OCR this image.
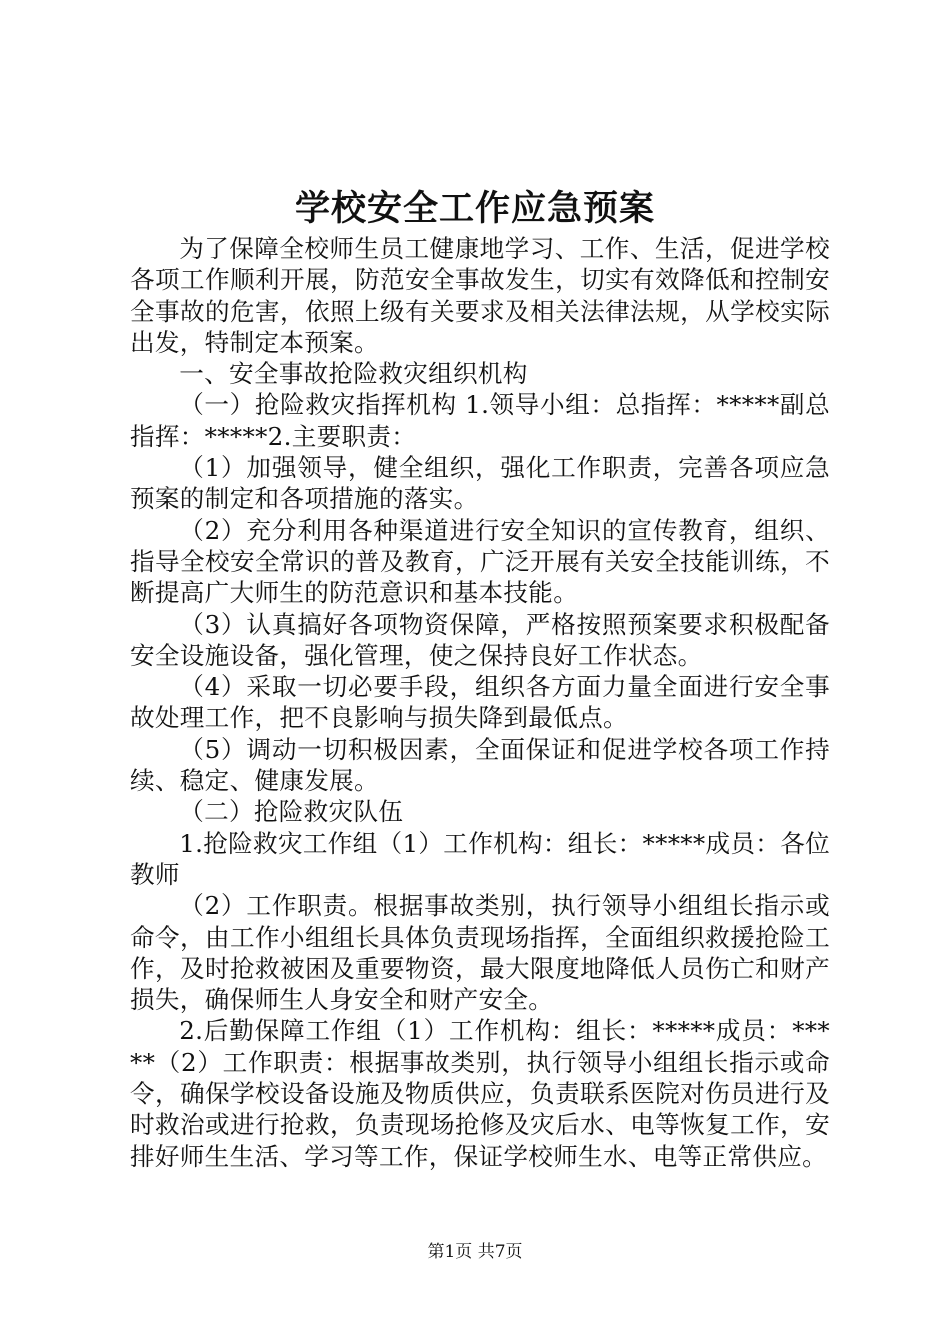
学校安全工作应急预案

为了保障全校师生员工健康地学习、工作、生活，促进学校各项工作顺利开展，防范安全事故发生，切实有效降低和控制安全事故的危害，依照上级有关要求及相关法律法规，从学校实际出发，特制定本预案。

一、安全事故抢险救灾组织机构

（一）抢险救灾指挥机构 1.领导小组：总指挥：*****副总指挥：*****2.主要职责：

（1）加强领导，健全组织，强化工作职责，完善各项应急预案的制定和各项措施的落实。

（2）充分利用各种渠道进行安全知识的宣传教育，组织、指导全校安全常识的普及教育，广泛开展有关安全技能训练，不断提高广大师生的防范意识和基本技能。

（3）认真搞好各项物资保障，严格按照预案要求积极配备安全设施设备，强化管理，使之保持良好工作状态。

（4）采取一切必要手段，组织各方面力量全面进行安全事故处理工作，把不良影响与损失降到最低点。

（5）调动一切积极因素，全面保证和促进学校各项工作持续、稳定、健康发展。

（二）抢险救灾队伍

1.抢险救灾工作组（1）工作机构：组长：*****成员：各位教师

（2）工作职责。根据事故类别，执行领导小组组长指示或命令，由工作小组组长具体负责现场指挥，全面组织救援抢险工作，及时抢救被困及重要物资，最大限度地降低人员伤亡和财产损失，确保师生人身安全和财产安全。

2.后勤保障工作组（1）工作机构：组长：*****成员：*****（2）工作职责：根据事故类别，执行领导小组组长指示或命令，确保学校设备设施及物质供应，负责联系医院对伤员进行及时救治或进行抢救，负责现场抢修及灾后水、电等恢复工作，安排好师生生活、学习等工作，保证学校师生水、电等正常供应。

第1页 共7页
